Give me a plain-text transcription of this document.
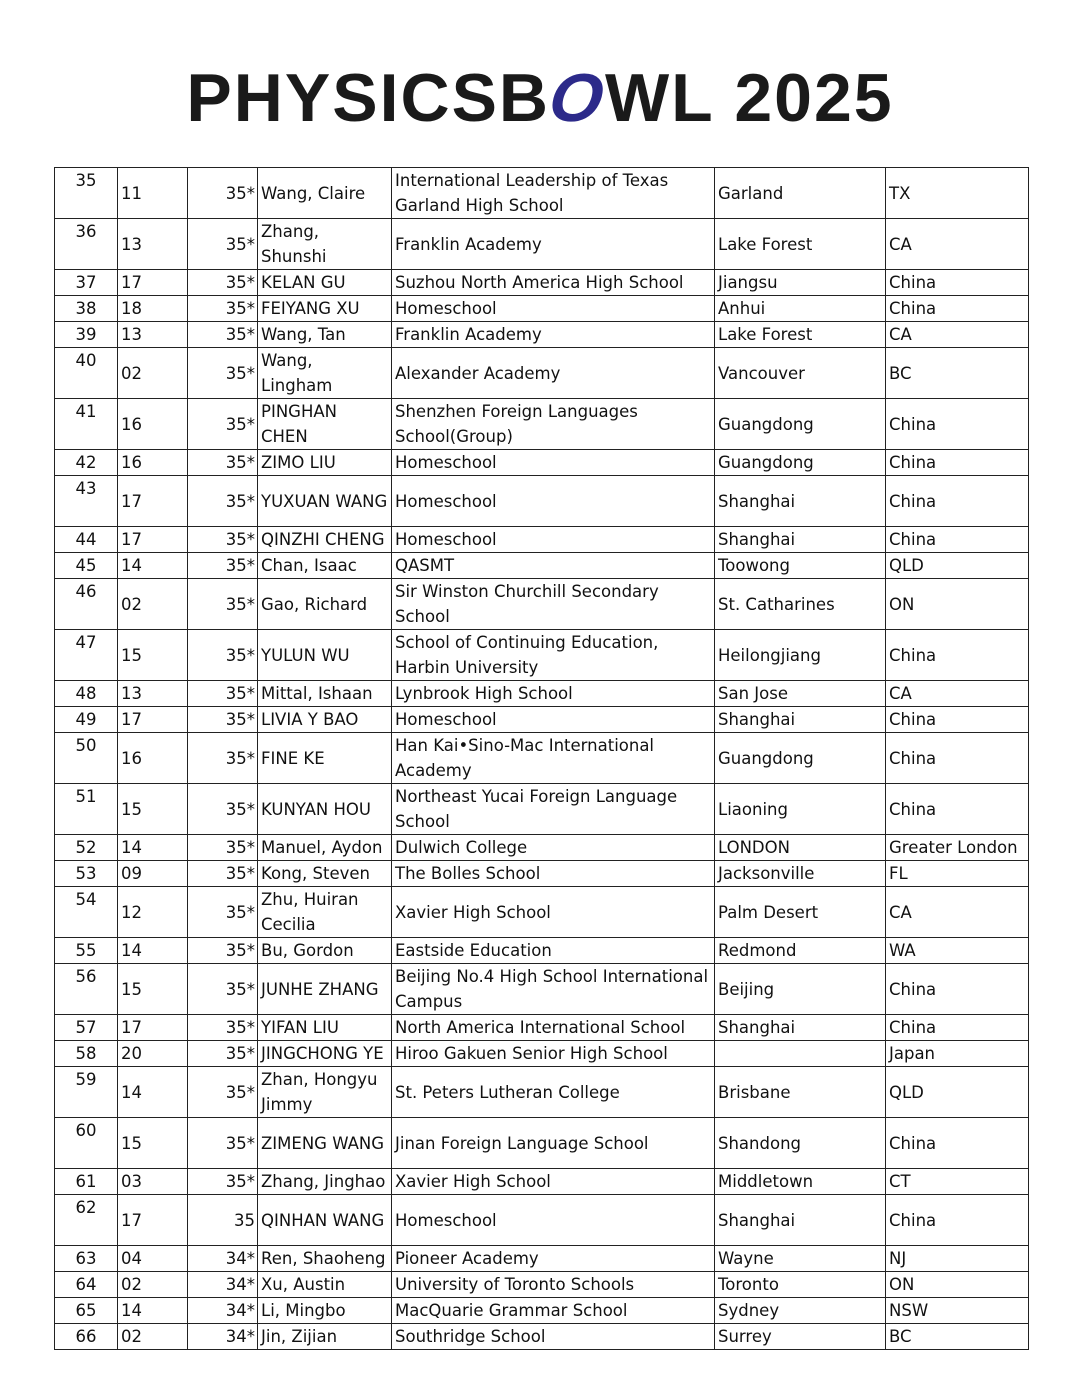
PHYSICSBOWL 2025
35	11	35*	Wang, Claire	International Leadership of Texas Garland High School	Garland	TX
36	13	35*	Zhang, Shunshi	Franklin Academy	Lake Forest	CA
37	17	35*	KELAN GU	Suzhou North America High School	Jiangsu	China
38	18	35*	FEIYANG XU	Homeschool	Anhui	China
39	13	35*	Wang, Tan	Franklin Academy	Lake Forest	CA
40	02	35*	Wang, Lingham	Alexander Academy	Vancouver	BC
41	16	35*	PINGHAN CHEN	Shenzhen Foreign Languages School(Group)	Guangdong	China
42	16	35*	ZIMO LIU	Homeschool	Guangdong	China
43	17	35*	YUXUAN WANG	Homeschool	Shanghai	China
44	17	35*	QINZHI CHENG	Homeschool	Shanghai	China
45	14	35*	Chan, Isaac	QASMT	Toowong	QLD
46	02	35*	Gao, Richard	Sir Winston Churchill Secondary School	St. Catharines	ON
47	15	35*	YULUN WU	School of Continuing Education, Harbin University	Heilongjiang	China
48	13	35*	Mittal, Ishaan	Lynbrook High School	San Jose	CA
49	17	35*	LIVIA Y BAO	Homeschool	Shanghai	China
50	16	35*	FINE KE	Han Kai•Sino-Mac International Academy	Guangdong	China
51	15	35*	KUNYAN HOU	Northeast Yucai Foreign Language School	Liaoning	China
52	14	35*	Manuel, Aydon	Dulwich College	LONDON	Greater London
53	09	35*	Kong, Steven	The Bolles School	Jacksonville	FL
54	12	35*	Zhu, Huiran Cecilia	Xavier High School	Palm Desert	CA
55	14	35*	Bu, Gordon	Eastside Education	Redmond	WA
56	15	35*	JUNHE ZHANG	Beijing No.4 High School International Campus	Beijing	China
57	17	35*	YIFAN LIU	North America International School	Shanghai	China
58	20	35*	JINGCHONG YE	Hiroo Gakuen Senior High School		Japan
59	14	35*	Zhan, Hongyu Jimmy	St. Peters Lutheran College	Brisbane	QLD
60	15	35*	ZIMENG WANG	Jinan Foreign Language School	Shandong	China
61	03	35*	Zhang, Jinghao	Xavier High School	Middletown	CT
62	17	35	QINHAN WANG	Homeschool	Shanghai	China
63	04	34*	Ren, Shaoheng	Pioneer Academy	Wayne	NJ
64	02	34*	Xu, Austin	University of Toronto Schools	Toronto	ON
65	14	34*	Li, Mingbo	MacQuarie Grammar School	Sydney	NSW
66	02	34*	Jin, Zijian	Southridge School	Surrey	BC
